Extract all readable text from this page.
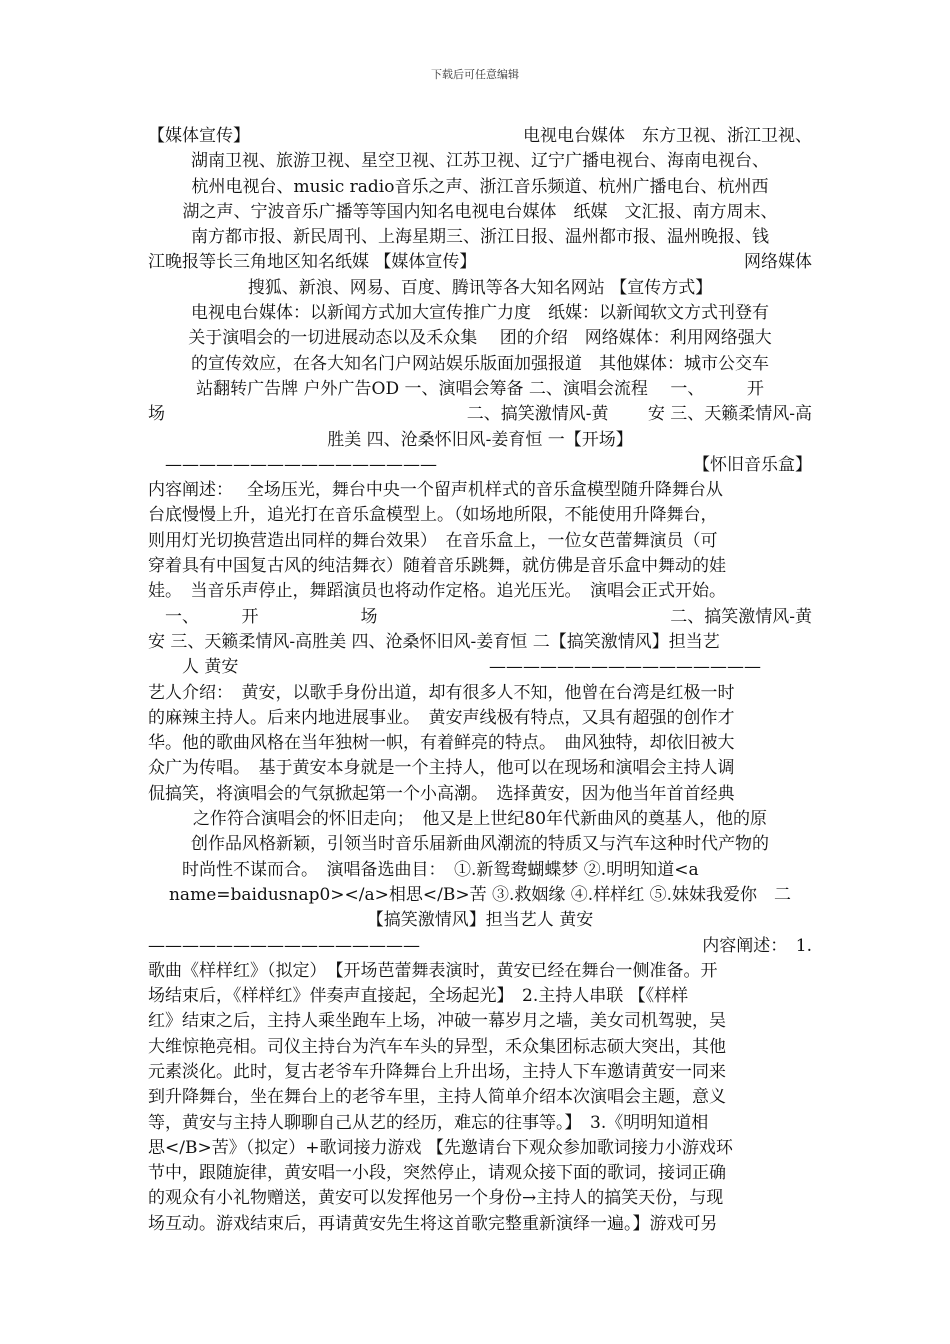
下载后可任意编辑
【媒体宣传】	电视电台媒体　东方卫视、浙江卫视、
湖南卫视、旅游卫视、星空卫视、江苏卫视、辽宁广播电视台、海南电视台、
杭州电视台、music radio音乐之声、浙江音乐频道、杭州广播电台、杭州西
湖之声、宁波音乐广播等等国内知名电视电台媒体　纸媒　文汇报、南方周末、
南方都市报、新民周刊、上海星期三、浙江日报、温州都市报、温州晚报、钱
江晚报等长三角地区知名纸媒 【媒体宣传】	网络媒体
搜狐、新浪、网易、百度、腾讯等各大知名网站 【宣传方式】
电视电台媒体：以新闻方式加大宣传推广力度　纸媒：以新闻软文方式刊登有
关于演唱会的一切进展动态以及禾众集　 团的介绍　网络媒体：利用网络强大
的宣传效应，在各大知名门户网站娱乐版面加强报道　其他媒体：城市公交车
站翻转广告牌 户外广告OD 一、演唱会筹备 二、演唱会流程　 一、　　　开
场	二、搞笑激情风-黄　　 安 三、天籁柔情风-高
胜美 四、沧桑怀旧风-姜育恒 一【开场】
　————————————————	【怀旧音乐盒】
内容阐述：　 全场压光，舞台中央一个留声机样式的音乐盒模型随升降舞台从
台底慢慢上升，追光打在音乐盒模型上。（如场地所限，不能使用升降舞台，
则用灯光切换营造出同样的舞台效果）　在音乐盒上，一位女芭蕾舞演员（可
穿着具有中国复古风的纯洁舞衣）随着音乐跳舞，就仿佛是音乐盒中舞动的娃
娃。　当音乐声停止，舞蹈演员也将动作定格。追光压光。　演唱会正式开始。
　一、　　　开　　　　　　场	二、搞笑激情风-黄
安 三、天籁柔情风-高胜美 四、沧桑怀旧风-姜育恒 二【搞笑激情风】担当艺
　　人 黄安	————————————————　　　
艺人介绍：　黄安，以歌手身份出道，却有很多人不知，他曾在台湾是红极一时
的麻辣主持人。后来内地进展事业。　黄安声线极有特点，又具有超强的创作才
华。他的歌曲风格在当年独树一帜，有着鲜亮的特点。　曲风独特，却依旧被大
众广为传唱。　基于黄安本身就是一个主持人，他可以在现场和演唱会主持人调
侃搞笑，将演唱会的气氛掀起第一个小高潮。　选择黄安，因为他当年首首经典
之作符合演唱会的怀旧走向；　他又是上世纪80年代新曲风的奠基人，他的原
创作品风格新颖，引领当时音乐届新曲风潮流的特质又与汽车这种时代产物的
　　时尚性不谋而合。　演唱备选曲目：　①.新鸳鸯蝴蝶梦 ②.明明知道<a
name=baidusnap0></a>相思</B>苦 ③.救姻缘 ④.样样红 ⑤.妹妹我爱你　二
【搞笑激情风】担当艺人 黄安
————————————————	内容阐述：　1.
歌曲《样样红》（拟定）　【开场芭蕾舞表演时，黄安已经在舞台一侧准备。开
场结束后，《样样红》伴奏声直接起，全场起光】　2.主持人串联 【《样样
红》结束之后，主持人乘坐跑车上场，冲破一幕岁月之墙，美女司机驾驶，吴
大维惊艳亮相。司仪主持台为汽车车头的异型，禾众集团标志硕大突出，其他
元素淡化。此时，复古老爷车升降舞台上升出场，主持人下车邀请黄安一同来
到升降舞台，坐在舞台上的老爷车里，主持人简单介绍本次演唱会主题，意义
等，黄安与主持人聊聊自己从艺的经历，难忘的往事等。】　3.《明明知道相
思</B>苦》（拟定）+歌词接力游戏 【先邀请台下观众参加歌词接力小游戏环
节中，跟随旋律，黄安唱一小段，突然停止，请观众接下面的歌词，接词正确
的观众有小礼物赠送，黄安可以发挥他另一个身份→主持人的搞笑天份，与现
场互动。游戏结束后，再请黄安先生将这首歌完整重新演绎一遍。】游戏可另
